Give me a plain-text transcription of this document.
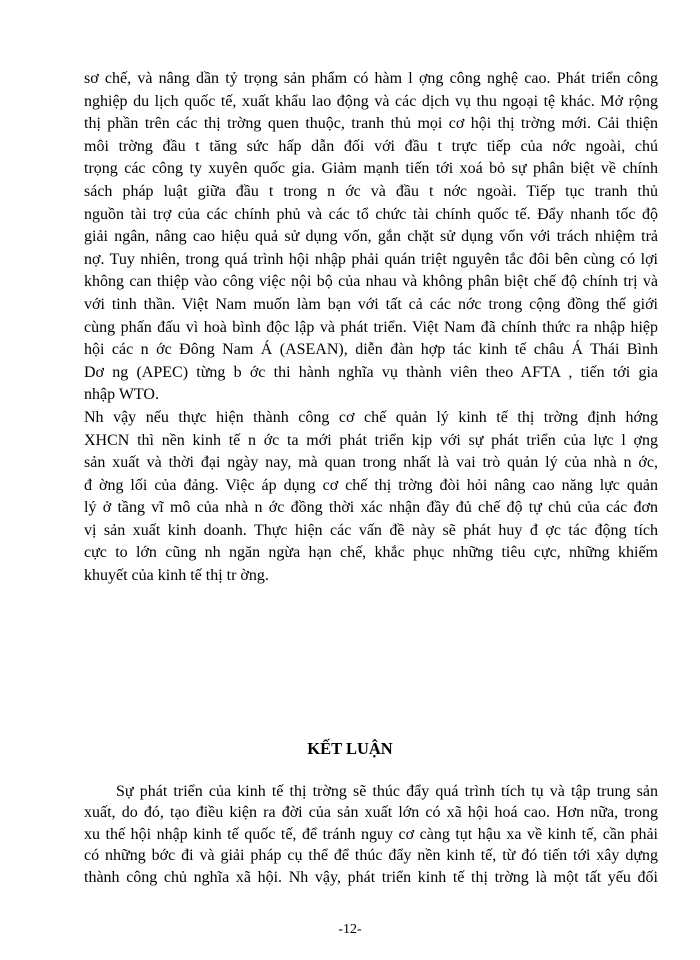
sơ chế, và nâng dần tỷ trọng sản phẩm có hàm l ợng công nghệ cao. Phát triển công
nghiệp du lịch quốc tế, xuất khẩu lao động và các dịch vụ thu ngoại tệ khác. Mở rộng
thị phần trên các thị trờng quen thuộc, tranh thủ mọi cơ hội thị trờng mới. Cải thiện
môi trờng đầu t tăng sức hấp dẫn đối với đầu t trực tiếp của nớc ngoài, chú
trọng các công ty xuyên quốc gia. Giảm mạnh tiến tới xoá bỏ sự phân biệt về chính
sách pháp luật giữa đầu t trong n ớc và đầu t nớc ngoài. Tiếp tục tranh thủ
nguồn tài trợ của các chính phủ và các tổ chức tài chính quốc tế. Đẩy nhanh tốc độ
giải ngân, nâng cao hiệu quả sử dụng vốn, gắn chặt sử dụng vốn với trách nhiệm trả
nợ. Tuy nhiên, trong quá trình hội nhập phải quán triệt nguyên tắc đôi bên cùng có lợi
không can thiệp vào công việc nội bộ của nhau và không phân biệt chế độ chính trị và
với tinh thần. Việt Nam muốn làm bạn với tất cả các nớc trong cộng đồng thế giới
cùng phấn đấu vì hoà bình độc lập và phát triển. Việt Nam đã chính thức ra nhập hiệp
hội các n ớc Đông Nam Á (ASEAN), diễn đàn hợp tác kinh tế châu Á Thái Bình
Dơ ng (APEC) từng b ớc thi hành nghĩa vụ thành viên theo AFTA , tiến tới gia
nhập WTO.
Nh vậy nếu thực hiện thành công cơ chế quản lý kinh tế thị trờng định hớng
XHCN thì nền kinh tế n ớc ta mới phát triển kịp với sự phát triển của lực l ợng
sản xuất và thời đại ngày nay, mà quan trong nhất là vai trò quản lý của nhà n ớc,
đ ờng lối của đảng. Việc áp dụng cơ chế thị trờng đòi hỏi nâng cao năng lực quản
lý ở tầng vĩ mô của nhà n ớc đồng thời xác nhận đầy đủ chế độ tự chủ của các đơn
vị sản xuất kinh doanh. Thực hiện các vấn đề này sẽ phát huy đ ợc tác động tích
cực to lớn cũng nh ngăn ngừa hạn chế, khắc phục những tiêu cực, những khiếm
khuyết của kinh tế thị tr ờng.
KẾT LUẬN
Sự phát triển của kinh tế thị trờng sẽ thúc đẩy quá trình tích tụ và tập trung sản
xuất, do đó, tạo điều kiện ra đời của sản xuất lớn có xã hội hoá cao. Hơn nữa, trong
xu thế hội nhập kinh tế quốc tế, để tránh nguy cơ càng tụt hậu xa về kinh tế, cần phải
có những bớc đi và giải pháp cụ thể để thúc đẩy nền kinh tế, từ đó tiến tới xây dựng
thành công chủ nghĩa xã hội. Nh vậy, phát triển kinh tế thị trờng là một tất yếu đối
-12-
